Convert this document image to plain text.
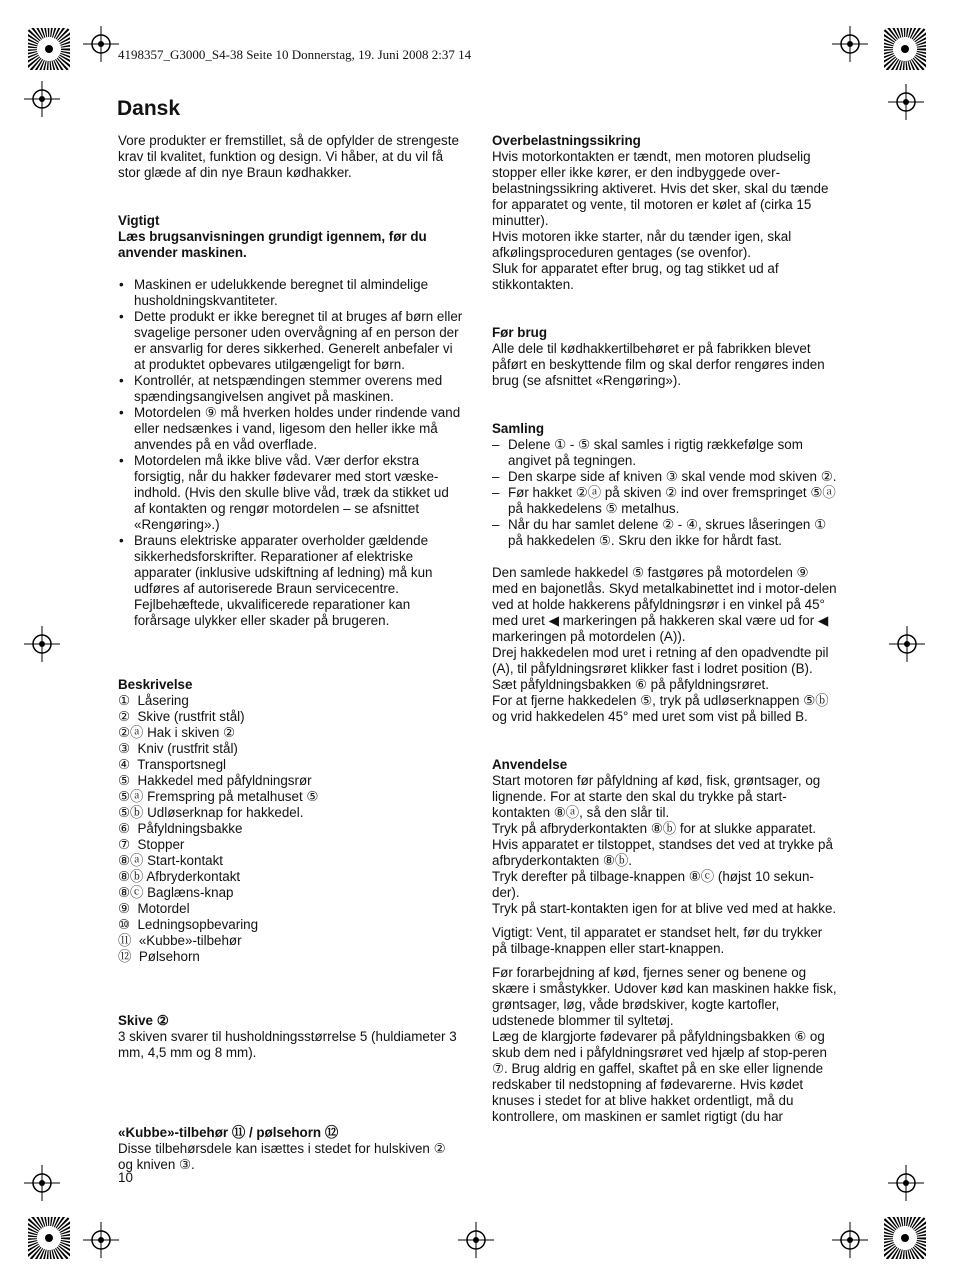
4198357_G3000_S4-38 Seite 10 Donnerstag, 19. Juni 2008 2:37 14
Dansk

Vore produkter er fremstillet, så de opfylder de strengeste krav til kvalitet, funktion og design. Vi håber, at du vil få stor glæde af din nye Braun kødhakker.

Vigtigt

Læs brugsanvisningen grundigt igennem, før du anvender maskinen.

• Maskinen er udelukkende beregnet til almindelige husholdningskvantiteter.
• Dette produkt er ikke beregnet til at bruges af børn eller svagelige personer uden overvågning af en person der er ansvarlig for deres sikkerhed. Generelt anbefaler vi at produktet opbevares utilgængeligt for børn.
• Kontrollér, at netspændingen stemmer overens med spændingsangivelsen angivet på maskinen.
• Motordelen ⑨ må hverken holdes under rindende vand eller nedsænkes i vand, ligesom den heller ikke må anvendes på en våd overflade.
• Motordelen må ikke blive våd. Vær derfor ekstra forsigtig, når du hakker fødevarer med stort væske-indhold. (Hvis den skulle blive våd, træk da stikket ud af kontakten og rengør motordelen – se afsnittet «Rengøring».)
• Brauns elektriske apparater overholder gældende sikkerhedsforskrifter. Reparationer af elektriske apparater (inklusive udskiftning af ledning) må kun udføres af autoriserede Braun servicecentre. Fejlbehæftede, ukvalificerede reparationer kan forårsage ulykker eller skader på brugeren.

Beskrivelse

①  Låsering
②  Skive (rustfrit stål)
②ⓐ Hak i skiven ②
③  Kniv (rustfrit stål)
④  Transportsnegl
⑤  Hakkedel med påfyldningsrør
⑤ⓐ Fremspring på metalhuset ⑤
⑤ⓑ Udløserknap for hakkedel.
⑥  Påfyldningsbakke
⑦  Stopper
⑧ⓐ Start-kontakt
⑧ⓑ Afbryderkontakt
⑧ⓒ Baglæns-knap
⑨  Motordel
⑩  Ledningsopbevaring
⑪  «Kubbe»-tilbehør
⑫  Pølsehorn

Skive ②

3 skiven svarer til husholdningsstørrelse 5 (huldiameter 3 mm, 4,5 mm og 8 mm).

«Kubbe»-tilbehør ⑪ / pølsehorn ⑫

Disse tilbehørsdele kan isættes i stedet for hulskiven ② og kniven ③.

Overbelastningssikring

Hvis motorkontakten er tændt, men motoren pludselig stopper eller ikke kører, er den indbyggede over-belastningssikring aktiveret. Hvis det sker, skal du tænde for apparatet og vente, til motoren er kølet af (cirka 15 minutter).

Hvis motoren ikke starter, når du tænder igen, skal afkølingsproceduren gentages (se ovenfor).

Sluk for apparatet efter brug, og tag stikket ud af stikkontakten.

Før brug

Alle dele til kødhakkertilbehøret er på fabrikken blevet påført en beskyttende film og skal derfor rengøres inden brug (se afsnittet «Rengøring»).

Samling

– Delene ① - ⑤ skal samles i rigtig rækkefølge som angivet på tegningen.
– Den skarpe side af kniven ③ skal vende mod skiven ②.
– Før hakket ②ⓐ på skiven ② ind over fremspringet ⑤ⓐ på hakkedelens ⑤ metalhus.
– Når du har samlet delene ② - ④, skrues låseringen ① på hakkedelen ⑤. Skru den ikke for hårdt fast.

Den samlede hakkedel ⑤ fastgøres på motordelen ⑨ med en bajonetlås. Skyd metalkabinettet ind i motor-delen ved at holde hakkerens påfyldningsrør i en vinkel på 45° med uret ◀ markeringen på hakkeren skal være ud for ◀ markeringen på motordelen (A)).

Drej hakkedelen mod uret i retning af den opadvendte pil (A), til påfyldningsrøret klikker fast i lodret position (B). Sæt påfyldningsbakken ⑥ på påfyldningsrøret.

For at fjerne hakkedelen ⑤, tryk på udløserknappen ⑤ⓑ og vrid hakkedelen 45° med uret som vist på billed B.

Anvendelse

Start motoren før påfyldning af kød, fisk, grøntsager, og lignende. For at starte den skal du trykke på start-kontakten ⑧ⓐ, så den slår til.

Tryk på afbryderkontakten ⑧ⓑ for at slukke apparatet. Hvis apparatet er tilstoppet, standses det ved at trykke på afbryderkontakten ⑧ⓑ.

Tryk derefter på tilbage-knappen ⑧ⓒ (højst 10 sekun-der).

Tryk på start-kontakten igen for at blive ved med at hakke.

Vigtigt: Vent, til apparatet er standset helt, før du trykker på tilbage-knappen eller start-knappen.

Før forarbejdning af kød, fjernes sener og benene og skære i småstykker. Udover kød kan maskinen hakke fisk, grøntsager, løg, våde brødskiver, kogte kartofler, udstenede blommer til syltetøj.

Læg de klargjorte fødevarer på påfyldningsbakken ⑥ og skub dem ned i påfyldningsrøret ved hjælp af stop-peren ⑦. Brug aldrig en gaffel, skaftet på en ske eller lignende redskaber til nedstopning af fødevarerne. Hvis kødet knuses i stedet for at blive hakket ordentligt, må du kontrollere, om maskinen er samlet rigtigt (du har

10
